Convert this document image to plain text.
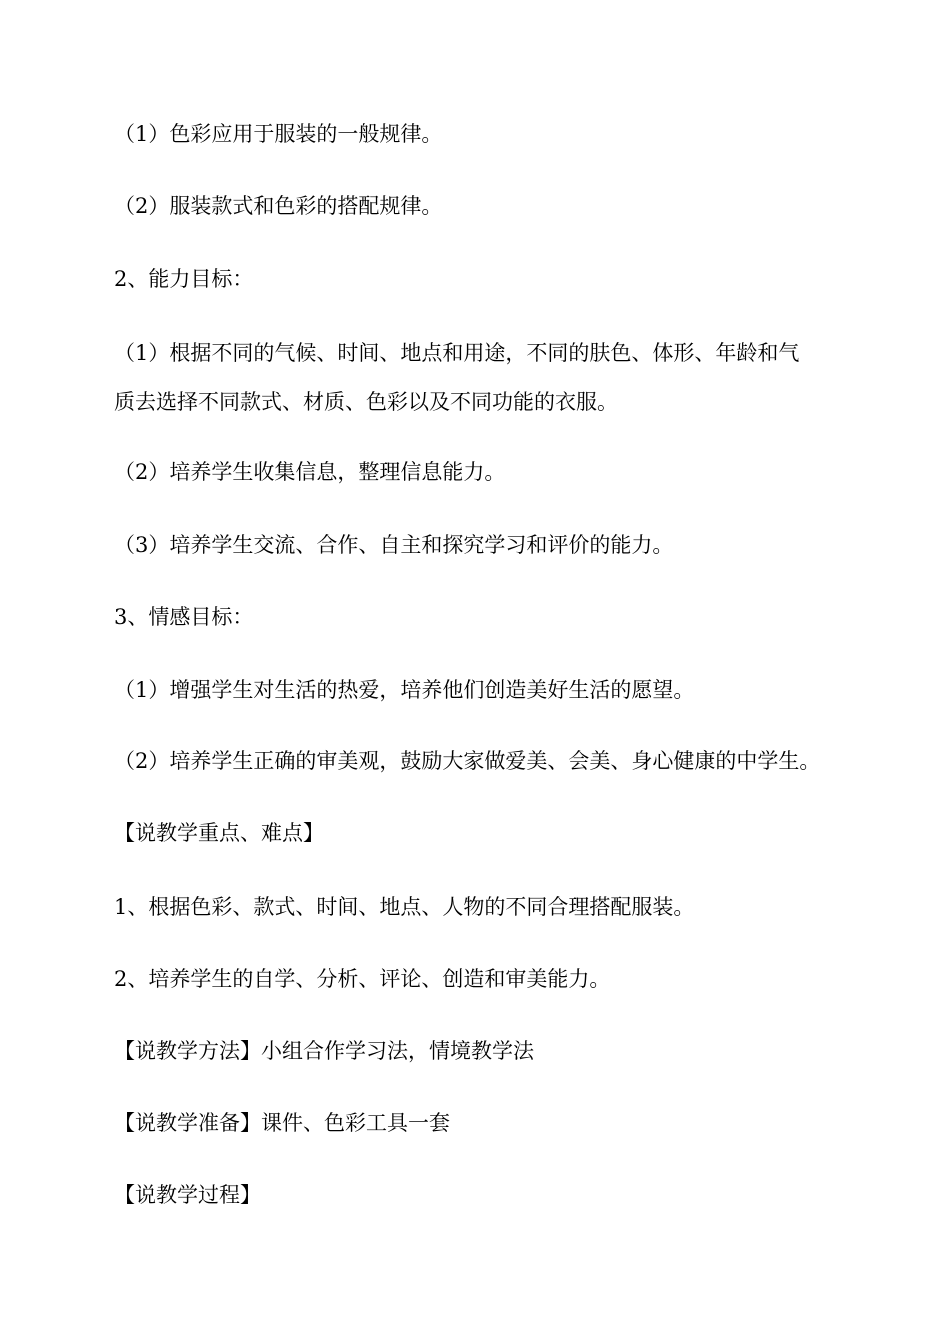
（1）色彩应用于服装的一般规律。
（2）服装款式和色彩的搭配规律。
2、能力目标：
（1）根据不同的气候、时间、地点和用途，不同的肤色、体形、年龄和气
质去选择不同款式、材质、色彩以及不同功能的衣服。
（2）培养学生收集信息，整理信息能力。
（3）培养学生交流、合作、自主和探究学习和评价的能力。
3、情感目标：
（1）增强学生对生活的热爱，培养他们创造美好生活的愿望。
（2）培养学生正确的审美观，鼓励大家做爱美、会美、身心健康的中学生。
【说教学重点、难点】
1、根据色彩、款式、时间、地点、人物的不同合理搭配服装。
2、培养学生的自学、分析、评论、创造和审美能力。
【说教学方法】小组合作学习法，情境教学法
【说教学准备】课件、色彩工具一套
【说教学过程】
